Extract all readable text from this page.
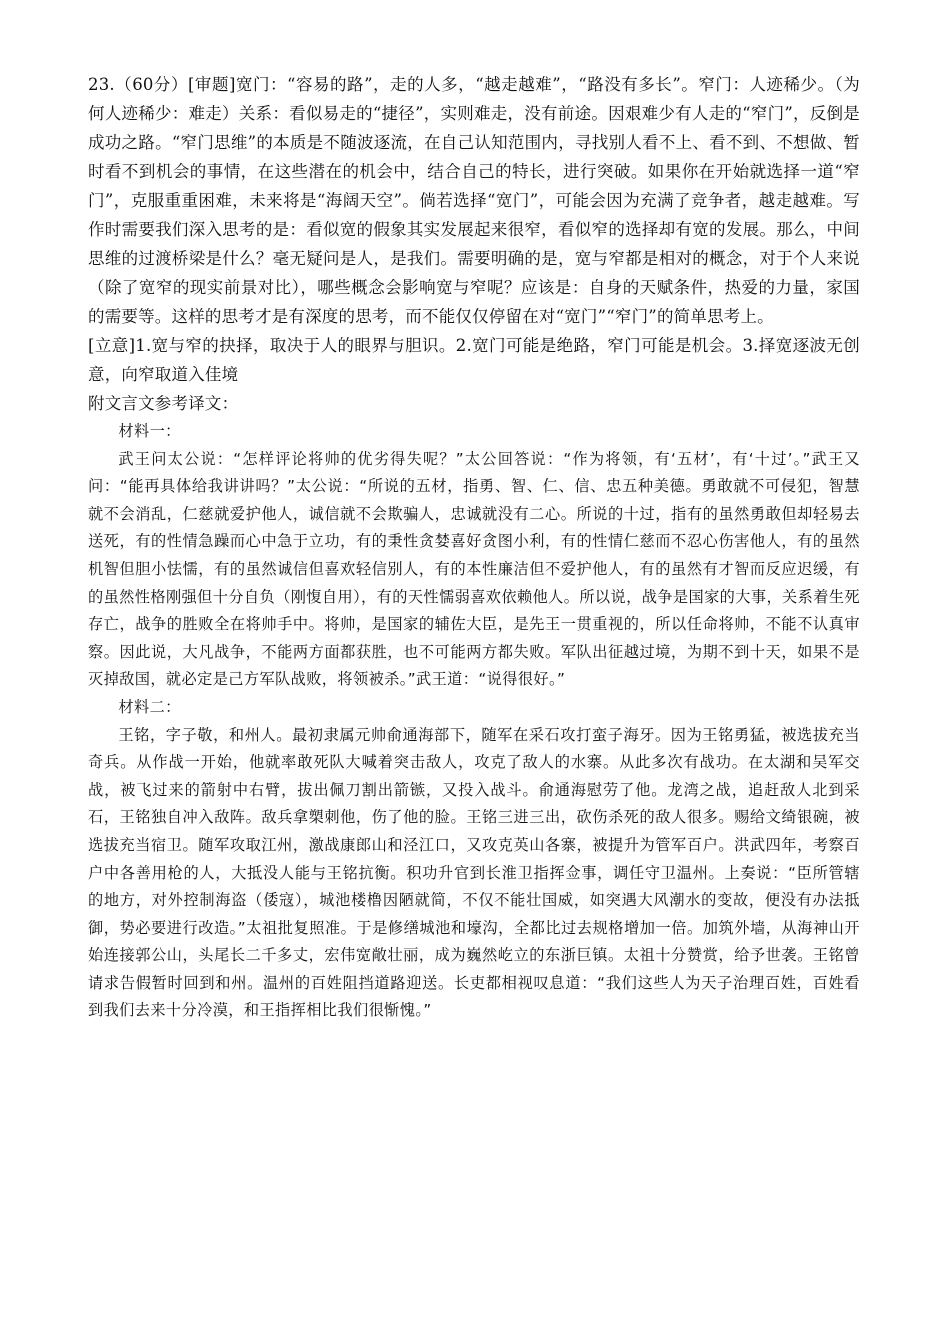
23.（60分）[审题]宽门：“容易的路”，走的人多，“越走越难”，“路没有多长”。窄门：人迹稀少。（为何人迹稀少：难走）关系：看似易走的“捷径”，实则难走，没有前途。因艰难少有人走的“窄门”，反倒是成功之路。“窄门思维”的本质是不随波逐流，在自己认知范围内，寻找别人看不上、看不到、不想做、暂时看不到机会的事情，在这些潜在的机会中，结合自己的特长，进行突破。如果你在开始就选择一道“窄门”，克服重重困难，未来将是“海阔天空”。倘若选择“宽门”，可能会因为充满了竞争者，越走越难。写作时需要我们深入思考的是：看似宽的假象其实发展起来很窄，看似窄的选择却有宽的发展。那么，中间思维的过渡桥梁是什么？毫无疑问是人，是我们。需要明确的是，宽与窄都是相对的概念，对于个人来说（除了宽窄的现实前景对比），哪些概念会影响宽与窄呢？应该是：自身的天赋条件，热爱的力量，家国的需要等。这样的思考才是有深度的思考，而不能仅仅停留在对“宽门”“窄门”的简单思考上。

[立意]1.宽与窄的抉择，取决于人的眼界与胆识。2.宽门可能是绝路，窄门可能是机会。3.择宽逐波无创意，向窄取道入佳境

附文言文参考译文：

材料一：

武王问太公说：“怎样评论将帅的优劣得失呢？”太公回答说：“作为将领，有‘五材’，有‘十过’。”武王又问：“能再具体给我讲讲吗？”太公说：“所说的五材，指勇、智、仁、信、忠五种美德。勇敢就不可侵犯，智慧就不会消乱，仁慈就爱护他人，诚信就不会欺骗人，忠诚就没有二心。所说的十过，指有的虽然勇敢但却轻易去送死，有的性情急躁而心中急于立功，有的秉性贪婪喜好贪图小利，有的性情仁慈而不忍心伤害他人，有的虽然机智但胆小怯懦，有的虽然诚信但喜欢轻信别人，有的本性廉洁但不爱护他人，有的虽然有才智而反应迟缓，有的虽然性格刚强但十分自负（刚愎自用），有的天性懦弱喜欢依赖他人。所以说，战争是国家的大事，关系着生死存亡，战争的胜败全在将帅手中。将帅，是国家的辅佐大臣，是先王一贯重视的，所以任命将帅，不能不认真审察。因此说，大凡战争，不能两方面都获胜，也不可能两方都失败。军队出征越过境，为期不到十天，如果不是灭掉敌国，就必定是己方军队战败，将领被杀。”武王道：“说得很好。”

材料二：

王铭，字子敬，和州人。最初隶属元帅俞通海部下，随军在采石攻打蛮子海牙。因为王铭勇猛，被选拔充当奇兵。从作战一开始，他就率敢死队大喊着突击敌人，攻克了敌人的水寨。从此多次有战功。在太湖和吴军交战，被飞过来的箭射中右臂，拔出佩刀割出箭镞，又投入战斗。俞通海慰劳了他。龙湾之战，追赶敌人北到采石，王铭独自冲入敌阵。敌兵拿槊刺他，伤了他的脸。王铭三进三出，砍伤杀死的敌人很多。赐给文绮银碗，被选拔充当宿卫。随军攻取江州，激战康郎山和泾江口，又攻克英山各寨，被提升为管军百户。洪武四年，考察百户中各善用枪的人，大抵没人能与王铭抗衡。积功升官到长淮卫指挥佥事，调任守卫温州。上奏说：“臣所管辖的地方，对外控制海盗（倭寇），城池楼橹因陋就简，不仅不能壮国威，如突遇大风潮水的变故，便没有办法抵御，势必要进行改造。”太祖批复照准。于是修缮城池和壕沟，全都比过去规格增加一倍。加筑外墙，从海神山开始连接郭公山，头尾长二千多丈，宏伟宽敞壮丽，成为巍然屹立的东浙巨镇。太祖十分赞赏，给予世袭。王铭曾请求告假暂时回到和州。温州的百姓阻挡道路迎送。长吏都相视叹息道：“我们这些人为天子治理百姓，百姓看到我们去来十分冷漠，和王指挥相比我们很惭愧。”
